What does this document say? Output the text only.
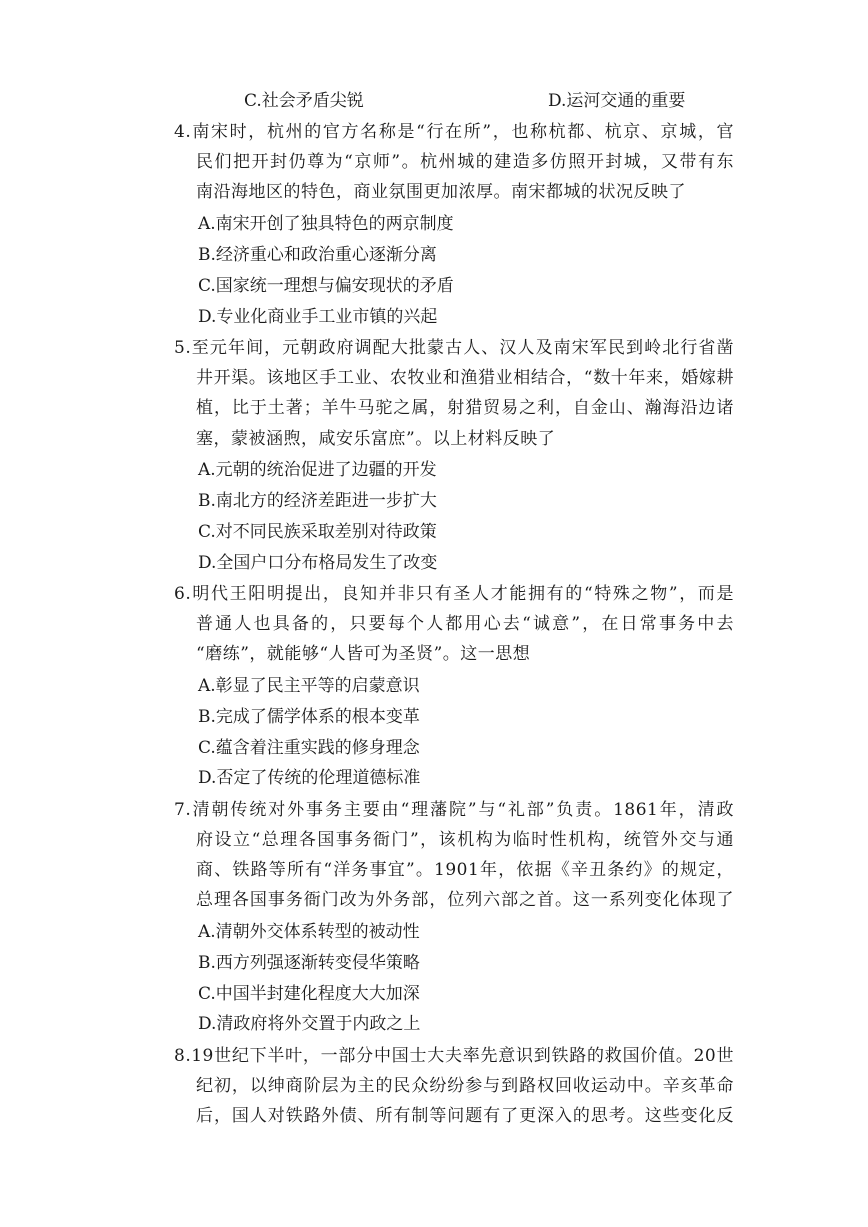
C.社会矛盾尖锐	D.运河交通的重要
4.南宋时，杭州的官方名称是“行在所”，也称杭都、杭京、京城，官
民们把开封仍尊为“京师”。杭州城的建造多仿照开封城，又带有东
南沿海地区的特色，商业氛围更加浓厚。南宋都城的状况反映了
A.南宋开创了独具特色的两京制度
B.经济重心和政治重心逐渐分离
C.国家统一理想与偏安现状的矛盾
D.专业化商业手工业市镇的兴起
5.至元年间，元朝政府调配大批蒙古人、汉人及南宋军民到岭北行省凿
井开渠。该地区手工业、农牧业和渔猎业相结合，“数十年来，婚嫁耕
植，比于土著；羊牛马驼之属，射猎贸易之利，自金山、瀚海沿边诸
塞，蒙被涵煦，咸安乐富庶”。以上材料反映了
A.元朝的统治促进了边疆的开发
B.南北方的经济差距进一步扩大
C.对不同民族采取差别对待政策
D.全国户口分布格局发生了改变
6.明代王阳明提出，良知并非只有圣人才能拥有的“特殊之物”，而是
普通人也具备的，只要每个人都用心去“诚意”，在日常事务中去
“磨练”，就能够“人皆可为圣贤”。这一思想
A.彰显了民主平等的启蒙意识
B.完成了儒学体系的根本变革
C.蕴含着注重实践的修身理念
D.否定了传统的伦理道德标准
7.清朝传统对外事务主要由“理藩院”与“礼部”负责。1861年，清政
府设立“总理各国事务衙门”，该机构为临时性机构，统管外交与通
商、铁路等所有“洋务事宜”。1901年，依据《辛丑条约》的规定，
总理各国事务衙门改为外务部，位列六部之首。这一系列变化体现了
A.清朝外交体系转型的被动性
B.西方列强逐渐转变侵华策略
C.中国半封建化程度大大加深
D.清政府将外交置于内政之上
8.19世纪下半叶，一部分中国士大夫率先意识到铁路的救国价值。20世
纪初，以绅商阶层为主的民众纷纷参与到路权回收运动中。辛亥革命
后，国人对铁路外债、所有制等问题有了更深入的思考。这些变化反
